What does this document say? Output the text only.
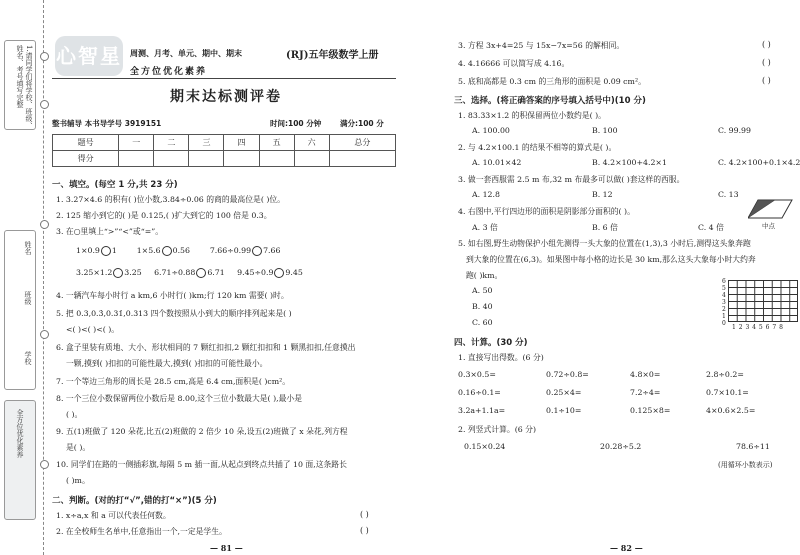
1.请同学们将学校、班级、姓名、考号填写完整
姓名
班级
学校
全方位优化素养
心智星 周测、月考、单元、期中、期末
全方位优化素养
(RJ)五年级数学上册
期末达标测评卷
整书辅导 本书导学号 3919151	时间:100 分钟 满分:100 分
题号	一	二	三	四	五	六	总分
得分							
一、填空。(每空 1 分,共 23 分)
1. 3.27×4.6 的积有( )位小数,3.84÷0.06 的商的最高位是( )位。
2. 125 缩小到它的( )是 0.125,( )扩大到它的 100 倍是 0.3。
3. 在○里填上“>”“<”或“=”。
1×0.9 1	1×5.6 0.56	7.66÷0.99 7.66
3.25×1.2 3.25 6.71÷0.88 6.71 9.45÷0.9 9.45
4. 一辆汽车每小时行 a km,6 小时行( )km;行 120 km 需要( )时。
5. 把 0.3,0.3̇,0.31̇,0.313 四个数按照从小到大的顺序排列起来是( )
<( )<( )<( )。
6. 盒子里装有质地、大小、形状相同的 7 颗红扣扣,2 颗红扣扣和 1 颗黑扣扣,任意摸出
一颗,摸到( )扣扣的可能性最大,摸到( )扣扣的可能性最小。
7. 一个等边三角形的周长是 28.5 cm,高是 6.4 cm,面积是( )cm²。
8. 一个三位小数保留两位小数后是 8.00,这个三位小数最大是( ),最小是
( )。
9. 五(1)班做了 120 朵花,比五(2)班做的 2 倍少 10 朵,设五(2)班做了 x 朵花,列方程
是( )。
10. 同学们在路的一侧插彩旗,每隔 5 m 插一面,从起点到终点共插了 10 面,这条路长
( )m。
二、判断。(对的打“√”,错的打“×”)(5 分)
1. x÷a,x 和 a 可以代表任何数。	( )
2. 在全校师生名单中,任意指出一个,一定是学生。	( )
— 81 —
3. 方程 3x+4=25 与 15x−7x=56 的解相同。	( )
4. 4.16666 可以简写成 4.16̇。	( )
5. 底和高都是 0.3 cm 的三角形的面积是 0.09 cm²。	( )
三、选择。(将正确答案的序号填入括号中)(10 分)
1. 83.33×1.2 的积保留两位小数约是( )。
A. 100.00	B. 100	C. 99.99
2. 与 4.2×100.1 的结果不相等的算式是( )。
A. 10.01×42	B. 4.2×100+4.2×1	C. 4.2×100+0.1×4.2
3. 做一套西服需 2.5 m 布,32 m 布最多可以做( )套这样的西服。
A. 12.8	B. 12	C. 13
4. 右图中,平行四边形的面积是阴影部分面积的( )。
A. 3 倍	B. 6 倍	C. 4 倍	中点
5. 如右图,野生动物保护小组先测得一头大象的位置在(1,3),3 小时后,测得这头象奔跑
到大象的位置在(6,3)。如果图中每小格的边长是 30 km,那么这头大象每小时大约奔
跑( )km。
A. 50
B. 40
C. 60
四、计算。(30 分)
1. 直接写出得数。(6 分)
0.3×0.5=	0.72÷0.8=	4.8×0=	2.8÷0.2=
0.16÷0.1=	0.25×4=	7.2÷4=	0.7×10.1=
3.2a+1.1a=	0.1÷10=	0.125×8=	4×0.6×2.5=
2. 列竖式计算。(6 分)
0.15×0.24	20.28÷5.2	78.6÷11
(用循环小数表示)
— 82 —
6
5
4
3
2
1
0
1 2 3 4 5 6 7 8
